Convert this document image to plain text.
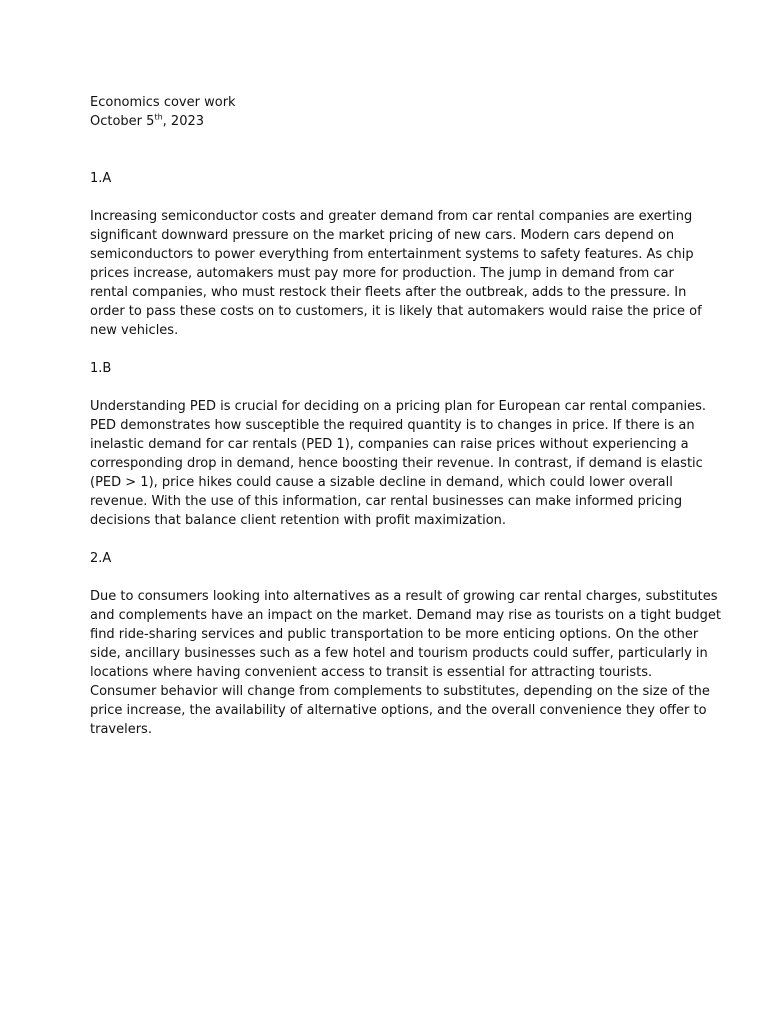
Economics cover work

October 5th, 2023

1.A

Increasing semiconductor costs and greater demand from car rental companies are exerting

significant downward pressure on the market pricing of new cars. Modern cars depend on

semiconductors to power everything from entertainment systems to safety features. As chip

prices increase, automakers must pay more for production. The jump in demand from car

rental companies, who must restock their fleets after the outbreak, adds to the pressure. In

order to pass these costs on to customers, it is likely that automakers would raise the price of

new vehicles.

1.B

Understanding PED is crucial for deciding on a pricing plan for European car rental companies.

PED demonstrates how susceptible the required quantity is to changes in price. If there is an

inelastic demand for car rentals (PED 1), companies can raise prices without experiencing a

corresponding drop in demand, hence boosting their revenue. In contrast, if demand is elastic

(PED > 1), price hikes could cause a sizable decline in demand, which could lower overall

revenue. With the use of this information, car rental businesses can make informed pricing

decisions that balance client retention with profit maximization.

2.A

Due to consumers looking into alternatives as a result of growing car rental charges, substitutes

and complements have an impact on the market. Demand may rise as tourists on a tight budget

find ride-sharing services and public transportation to be more enticing options. On the other

side, ancillary businesses such as a few hotel and tourism products could suffer, particularly in

locations where having convenient access to transit is essential for attracting tourists.

Consumer behavior will change from complements to substitutes, depending on the size of the

price increase, the availability of alternative options, and the overall convenience they offer to

travelers.
